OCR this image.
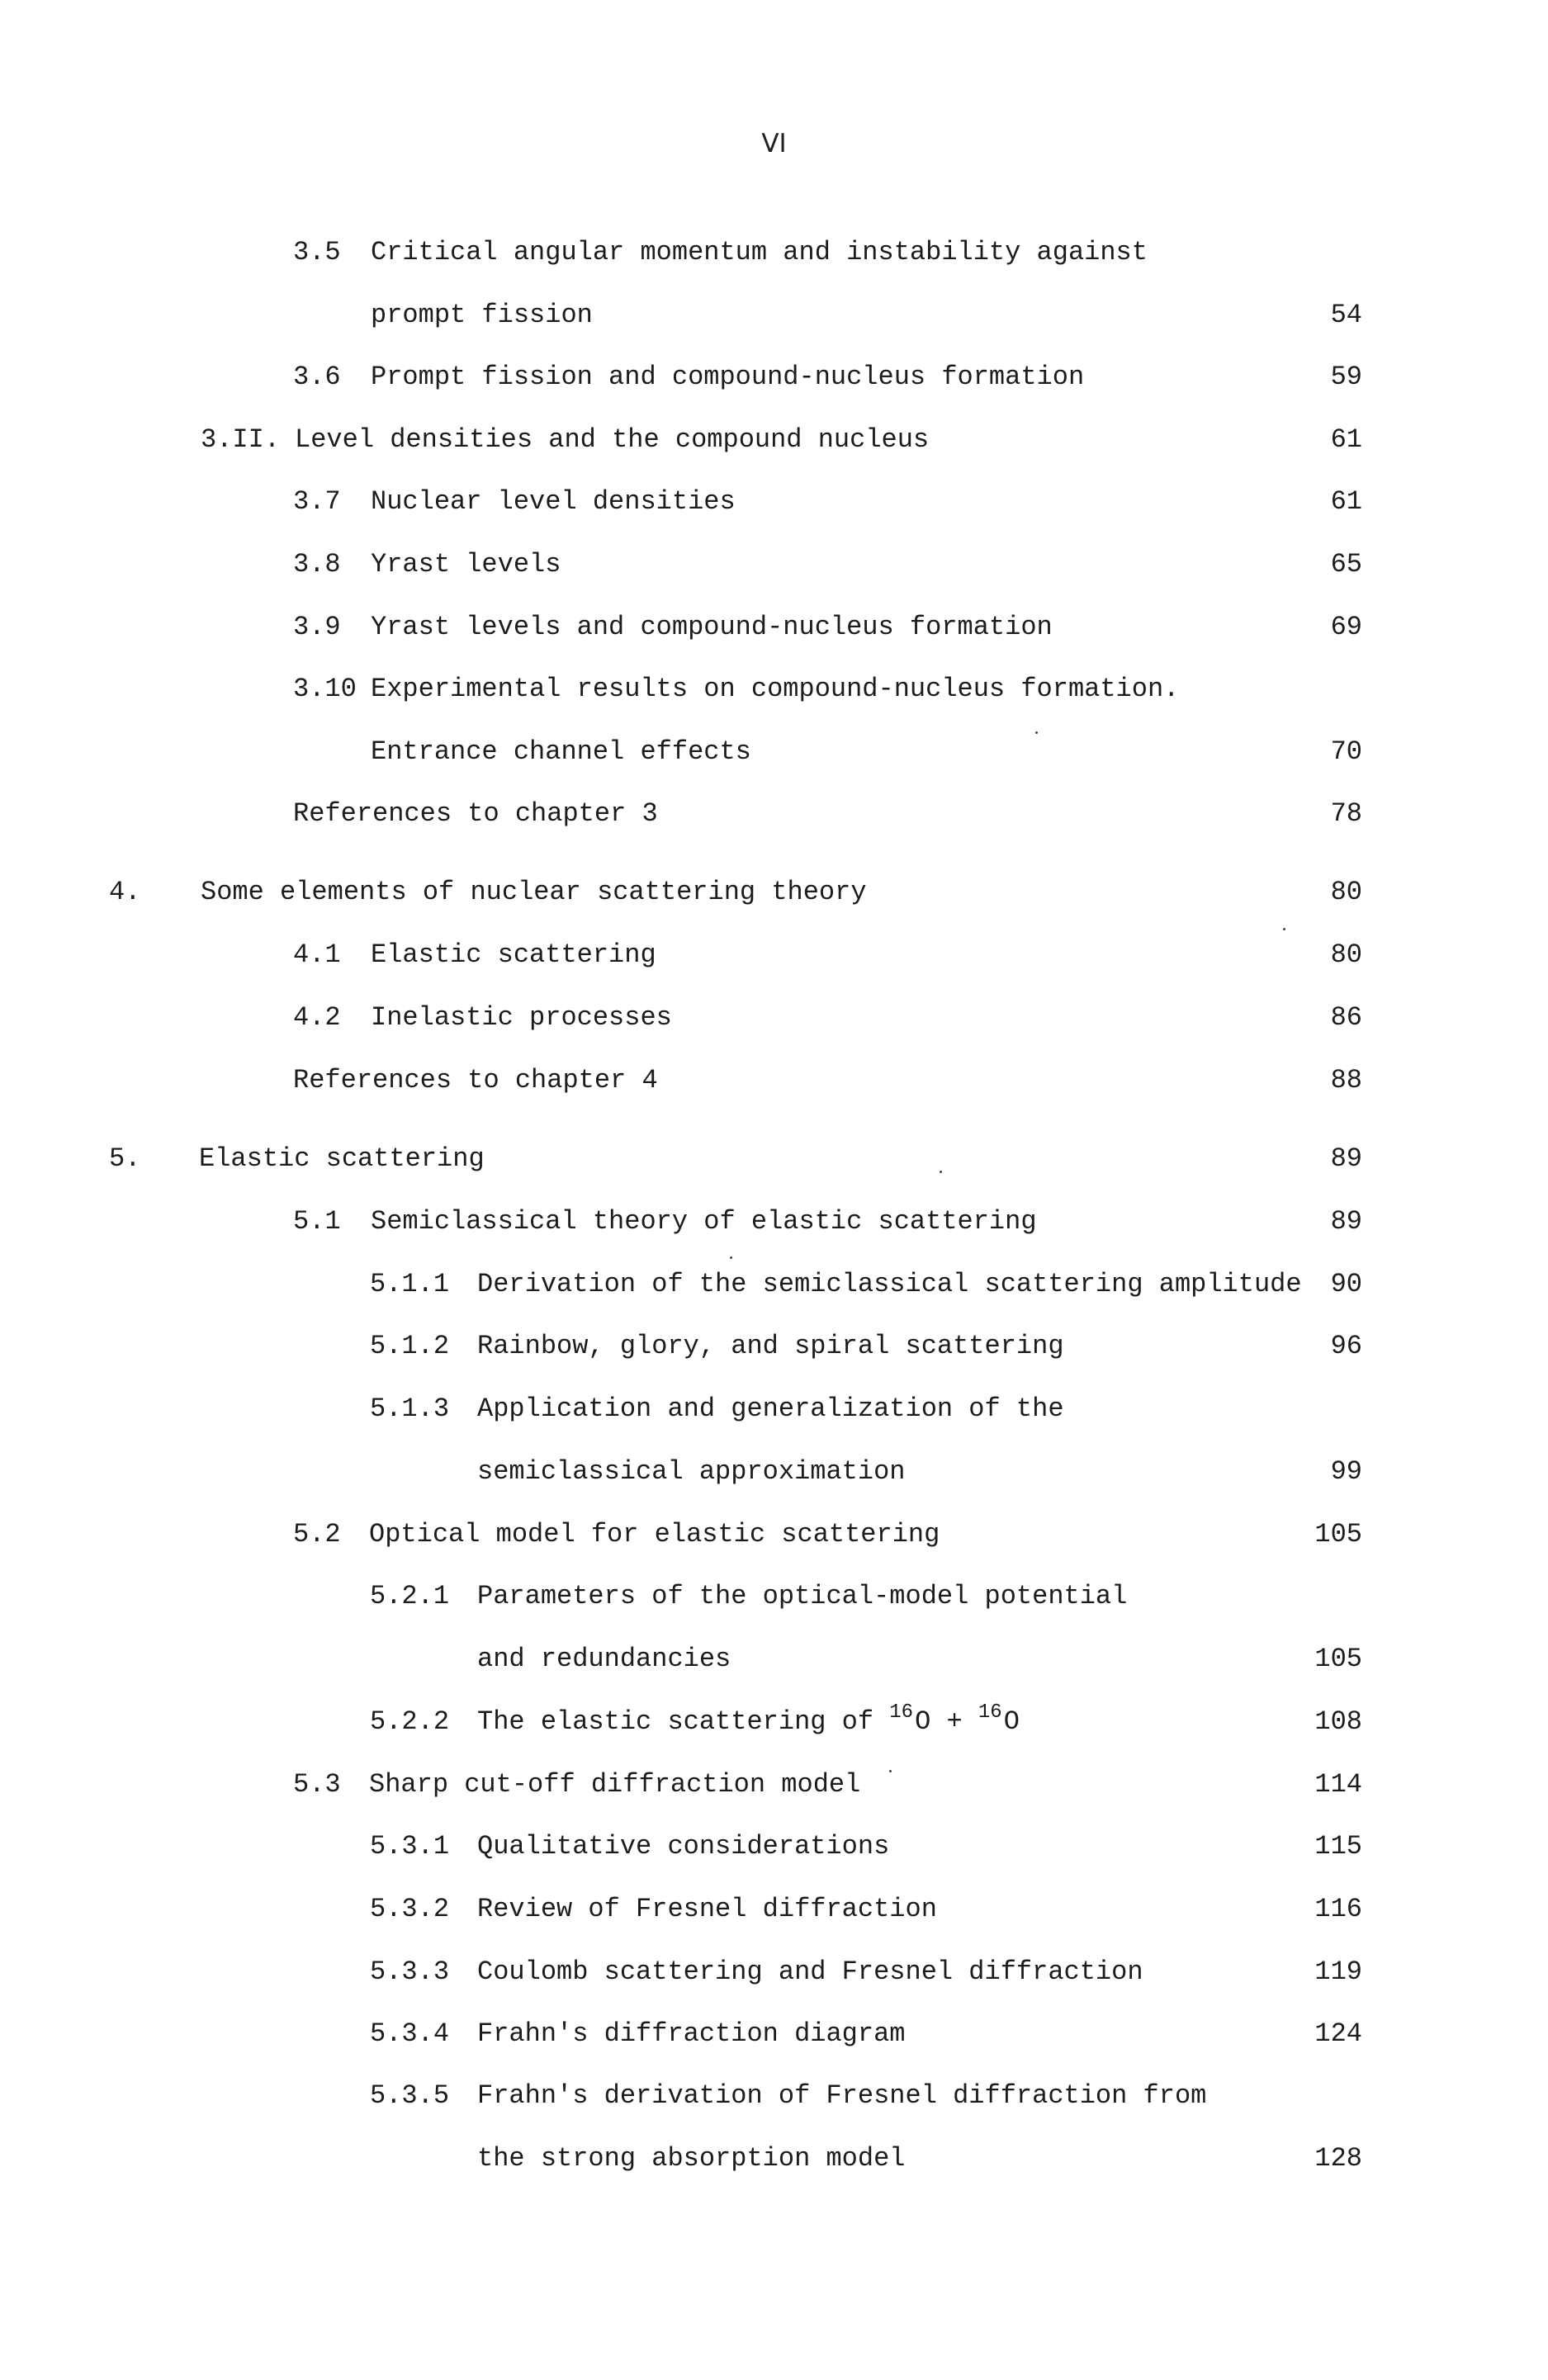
VI
3.5 Critical angular momentum and instability against
prompt fission	54
3.6 Prompt fission and compound-nucleus formation	59
3.II. Level densities and the compound nucleus	61
3.7 Nuclear level densities	61
3.8 Yrast levels	65
3.9 Yrast levels and compound-nucleus formation	69
3.10 Experimental results on compound-nucleus formation.
Entrance channel effects	70
References to chapter 3	78
4. Some elements of nuclear scattering theory	80
4.1 Elastic scattering	80
4.2 Inelastic processes	86
References to chapter 4	88
5. Elastic scattering	89
5.1 Semiclassical theory of elastic scattering	89
5.1.1 Derivation of the semiclassical scattering amplitude 90
5.1.2 Rainbow, glory, and spiral scattering	96
5.1.3 Application and generalization of the
semiclassical approximation	99
5.2 Optical model for elastic scattering	105
5.2.1 Parameters of the optical-model potential
and redundancies	105
5.2.2 The elastic scattering of $^{16}$O + $^{16}$O	108
5.3 Sharp cut-off diffraction model	114
5.3.1 Qualitative considerations	115
5.3.2 Review of Fresnel diffraction	116
5.3.3 Coulomb scattering and Fresnel diffraction	119
5.3.4 Frahn's diffraction diagram	124
5.3.5 Frahn's derivation of Fresnel diffraction from
the strong absorption model	128
